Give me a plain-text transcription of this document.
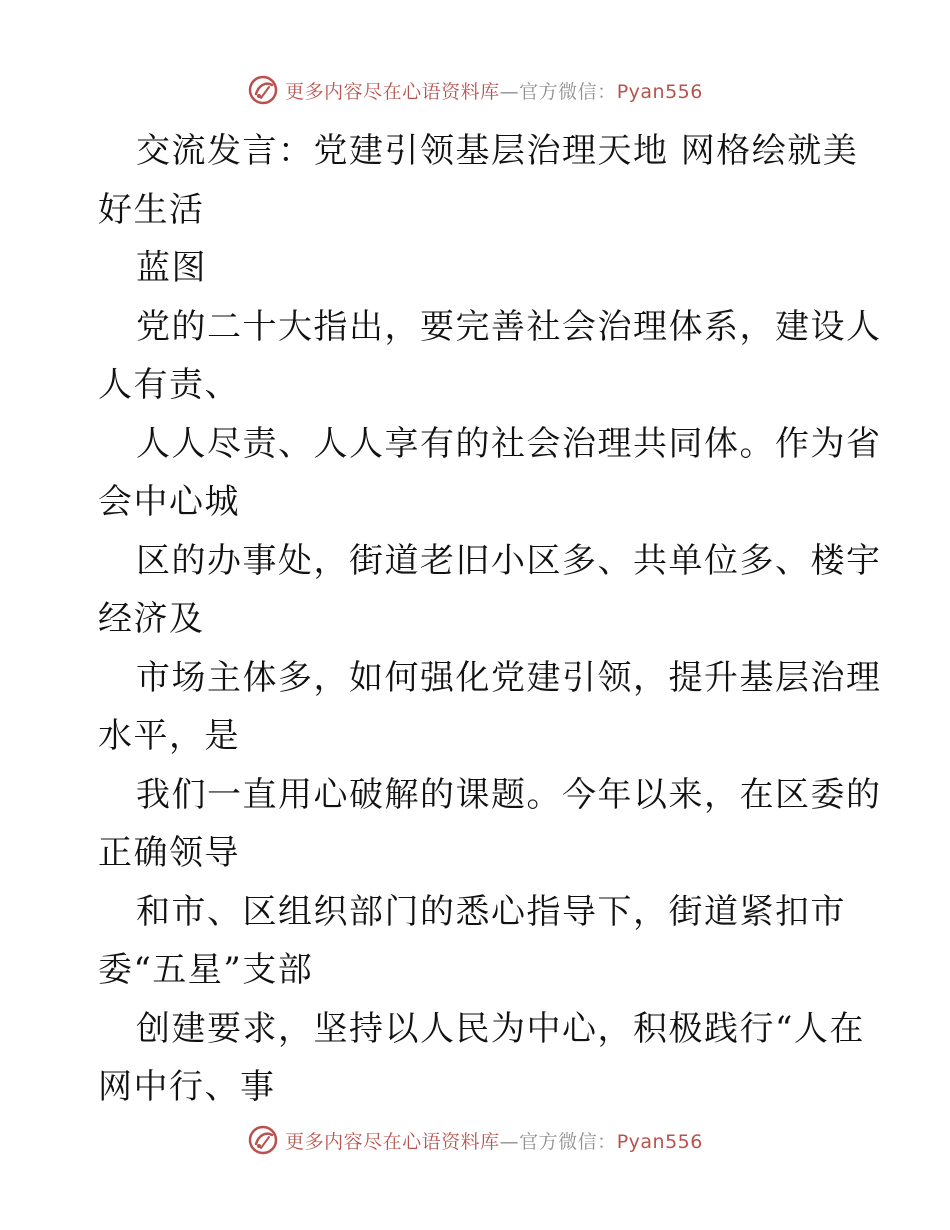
更多内容尽在心语资料库—官方微信：Pyan556
交流发言：党建引领基层治理天地 网格绘就美
好生活
蓝图
党的二十大指出，要完善社会治理体系，建设人
人有责、
人人尽责、人人享有的社会治理共同体。作为省
会中心城
区的办事处，街道老旧小区多、共单位多、楼宇
经济及
市场主体多，如何强化党建引领，提升基层治理
水平，是
我们一直用心破解的课题。今年以来，在区委的
正确领导
和市、区组织部门的悉心指导下，街道紧扣市
委“五星”支部
创建要求，坚持以人民为中心，积极践行“人在
网中行、事
更多内容尽在心语资料库—官方微信：Pyan556
